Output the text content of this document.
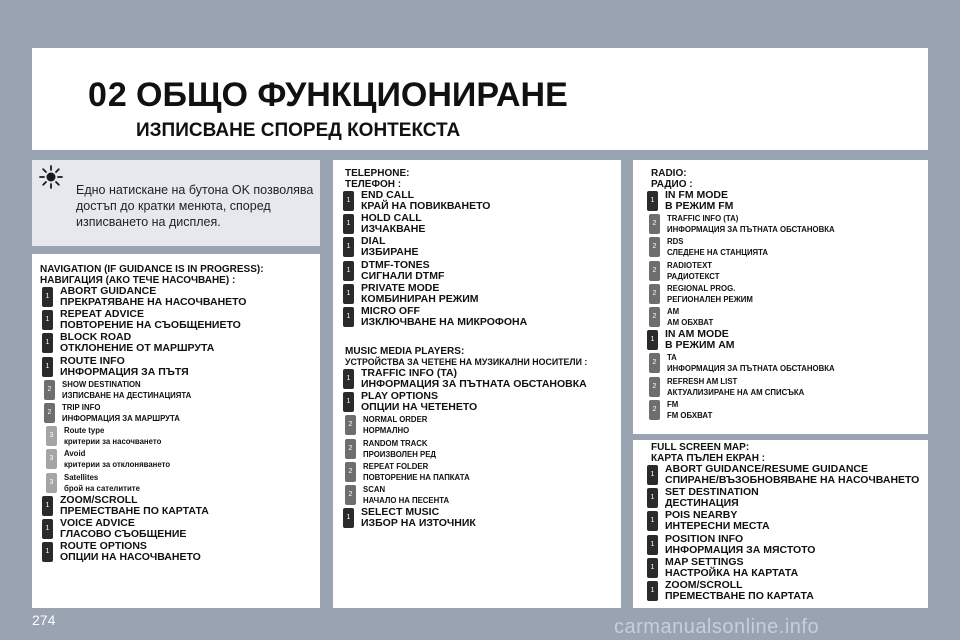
02 ОБЩО ФУНКЦИОНИРАНЕ
ИЗПИСВАНЕ СПОРЕД КОНТЕКСТА
Едно натискане на бутона OK позволява достъп до кратки менюта, според изписването на дисплея.
NAVIGATION (IF GUIDANCE IS IN PROGRESS):
НАВИГАЦИЯ (АКО ТЕЧЕ НАСОЧВАНЕ) :
1	ABORT GUIDANCE
ПРЕКРАТЯВАНЕ НА НАСОЧВАНЕТО
1	REPEAT ADVICE
ПОВТОРЕНИЕ НА СЪОБЩЕНИЕТО
1	BLOCK ROAD
ОТКЛОНЕНИЕ ОТ МАРШРУТА
1	ROUTE INFO
ИНФОРМАЦИЯ ЗА ПЪТЯ
2
SHOW DESTINATION
ИЗПИСВАНЕ НА ДЕСТИНАЦИЯТА
2
TRIP INFO
ИНФОРМАЦИЯ ЗА МАРШРУТА
3
Route type
критерии за насочването
3
Avoid
критерии за отклоняването
3
Satellites
брой на сателитите
1	ZOOM/SCROLL
ПРЕМЕСТВАНЕ ПО КАРТАТА
1	VOICE ADVICE
ГЛАСОВО СЪОБЩЕНИЕ
1	ROUTE OPTIONS
ОПЦИИ НА НАСОЧВАНЕТО
TELEPHONE:
ТЕЛЕФОН :
1	END CALL
КРАЙ НА ПОВИКВАНЕТО
1	HOLD CALL
ИЗЧАКВАНЕ
1	DIAL
ИЗБИРАНЕ
1	DTMF-TONES
СИГНАЛИ DTMF
1	PRIVATE MODE
КОМБИНИРАН РЕЖИМ
1	MICRO OFF
ИЗКЛЮЧВАНЕ НА МИКРОФОНА
MUSIC MEDIA PLAYERS:
УСТРОЙСТВА ЗА ЧЕТЕНЕ НА МУЗИКАЛНИ НОСИТЕЛИ :
1	TRAFFIC INFO (TA)
ИНФОРМАЦИЯ ЗА ПЪТНАТА ОБСТАНОВКА
1	PLAY OPTIONS
ОПЦИИ НА ЧЕТЕНЕТО
2
NORMAL ORDER
НОРМАЛНО
2
RANDOM TRACK
ПРОИЗВОЛЕН РЕД
2
REPEAT FOLDER
ПОВТОРЕНИЕ НА ПАПКАТА
2
SCAN
НАЧАЛО НА ПЕСЕНТА
1	SELECT MUSIC
ИЗБОР НА ИЗТОЧНИК
RADIO:
РАДИО :
1	IN FM MODE
В РЕЖИМ FM
2
TRAFFIC INFO (TA)
ИНФОРМАЦИЯ ЗА ПЪТНАТА ОБСТАНОВКА
2
RDS
СЛЕДЕНЕ НА СТАНЦИЯТА
2
RADIOTEXT
РАДИОТЕКСТ
2
REGIONAL PROG.
РЕГИОНАЛЕН РЕЖИМ
2
AM
AM ОБХВАТ
1	IN AM MODE
В РЕЖИМ AM
2
TA
ИНФОРМАЦИЯ ЗА ПЪТНАТА ОБСТАНОВКА
2
REFRESH AM LIST
АКТУАЛИЗИРАНЕ НА AM СПИСЪКА
2
FM
FM ОБХВАТ
FULL SCREEN MAP:
КАРТА ПЪЛЕН ЕКРАН :
1	ABORT GUIDANCE/RESUME GUIDANCE
СПИРАНЕ/ВЪЗОБНОВЯВАНЕ НА НАСОЧВАНЕТО
1	SET DESTINATION
ДЕСТИНАЦИЯ
1	POIS NEARBY
ИНТЕРЕСНИ МЕСТА
1	POSITION INFO
ИНФОРМАЦИЯ ЗА МЯСТОТО
1	MAP SETTINGS
НАСТРОЙКА НА КАРТАТА
1	ZOOM/SCROLL
ПРЕМЕСТВАНЕ ПО КАРТАТА
274	carmanualsonline.info
